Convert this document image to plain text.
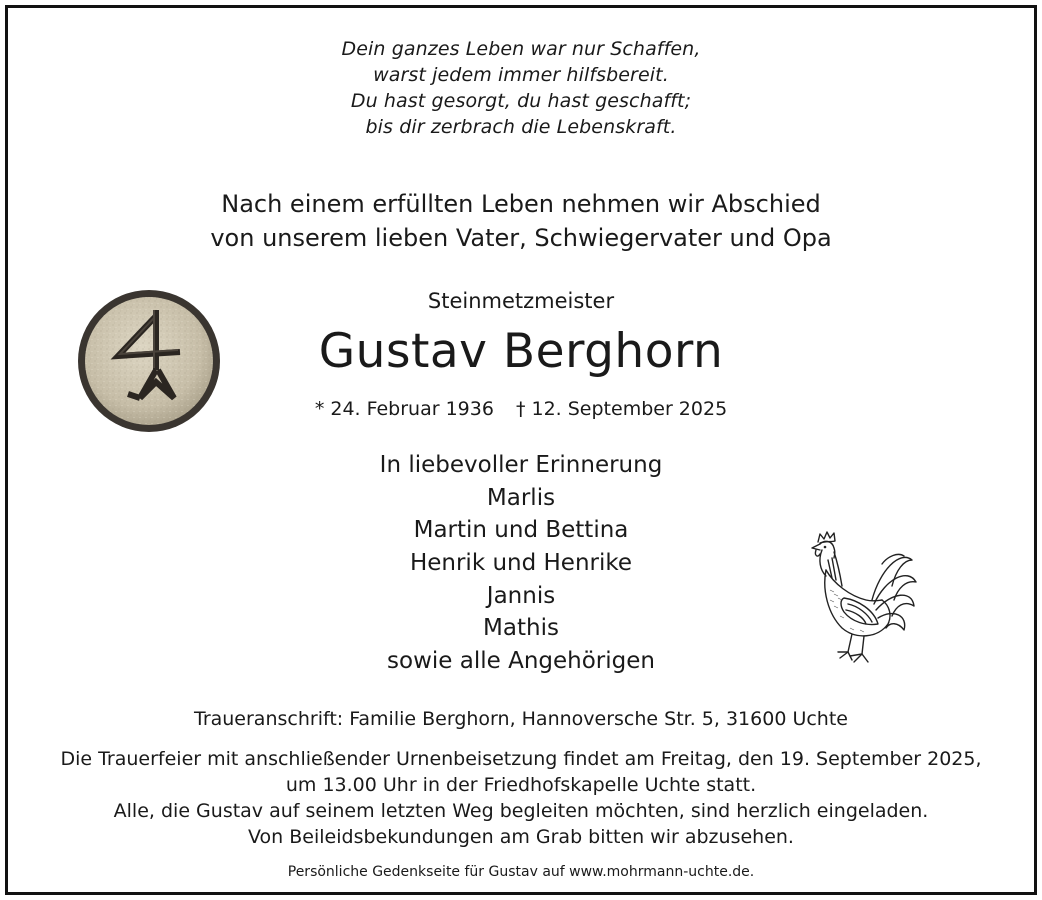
Dein ganzes Leben war nur Schaffen,
warst jedem immer hilfsbereit.
Du hast gesorgt, du hast geschafft;
bis dir zerbrach die Lebenskraft.
Nach einem erfüllten Leben nehmen wir Abschied
von unserem lieben Vater, Schwiegervater und Opa
Steinmetzmeister
Gustav Berghorn
* 24. Februar 1936 † 12. September 2025
In liebevoller Erinnerung
Marlis
Martin und Bettina
Henrik und Henrike
Jannis
Mathis
sowie alle Angehörigen
Traueranschrift: Familie Berghorn, Hannoversche Str. 5, 31600 Uchte
Die Trauerfeier mit anschließender Urnenbeisetzung findet am Freitag, den 19. September 2025,
um 13.00 Uhr in der Friedhofskapelle Uchte statt.
Alle, die Gustav auf seinem letzten Weg begleiten möchten, sind herzlich eingeladen.
Von Beileidsbekundungen am Grab bitten wir abzusehen.
Persönliche Gedenkseite für Gustav auf www.mohrmann-uchte.de.
